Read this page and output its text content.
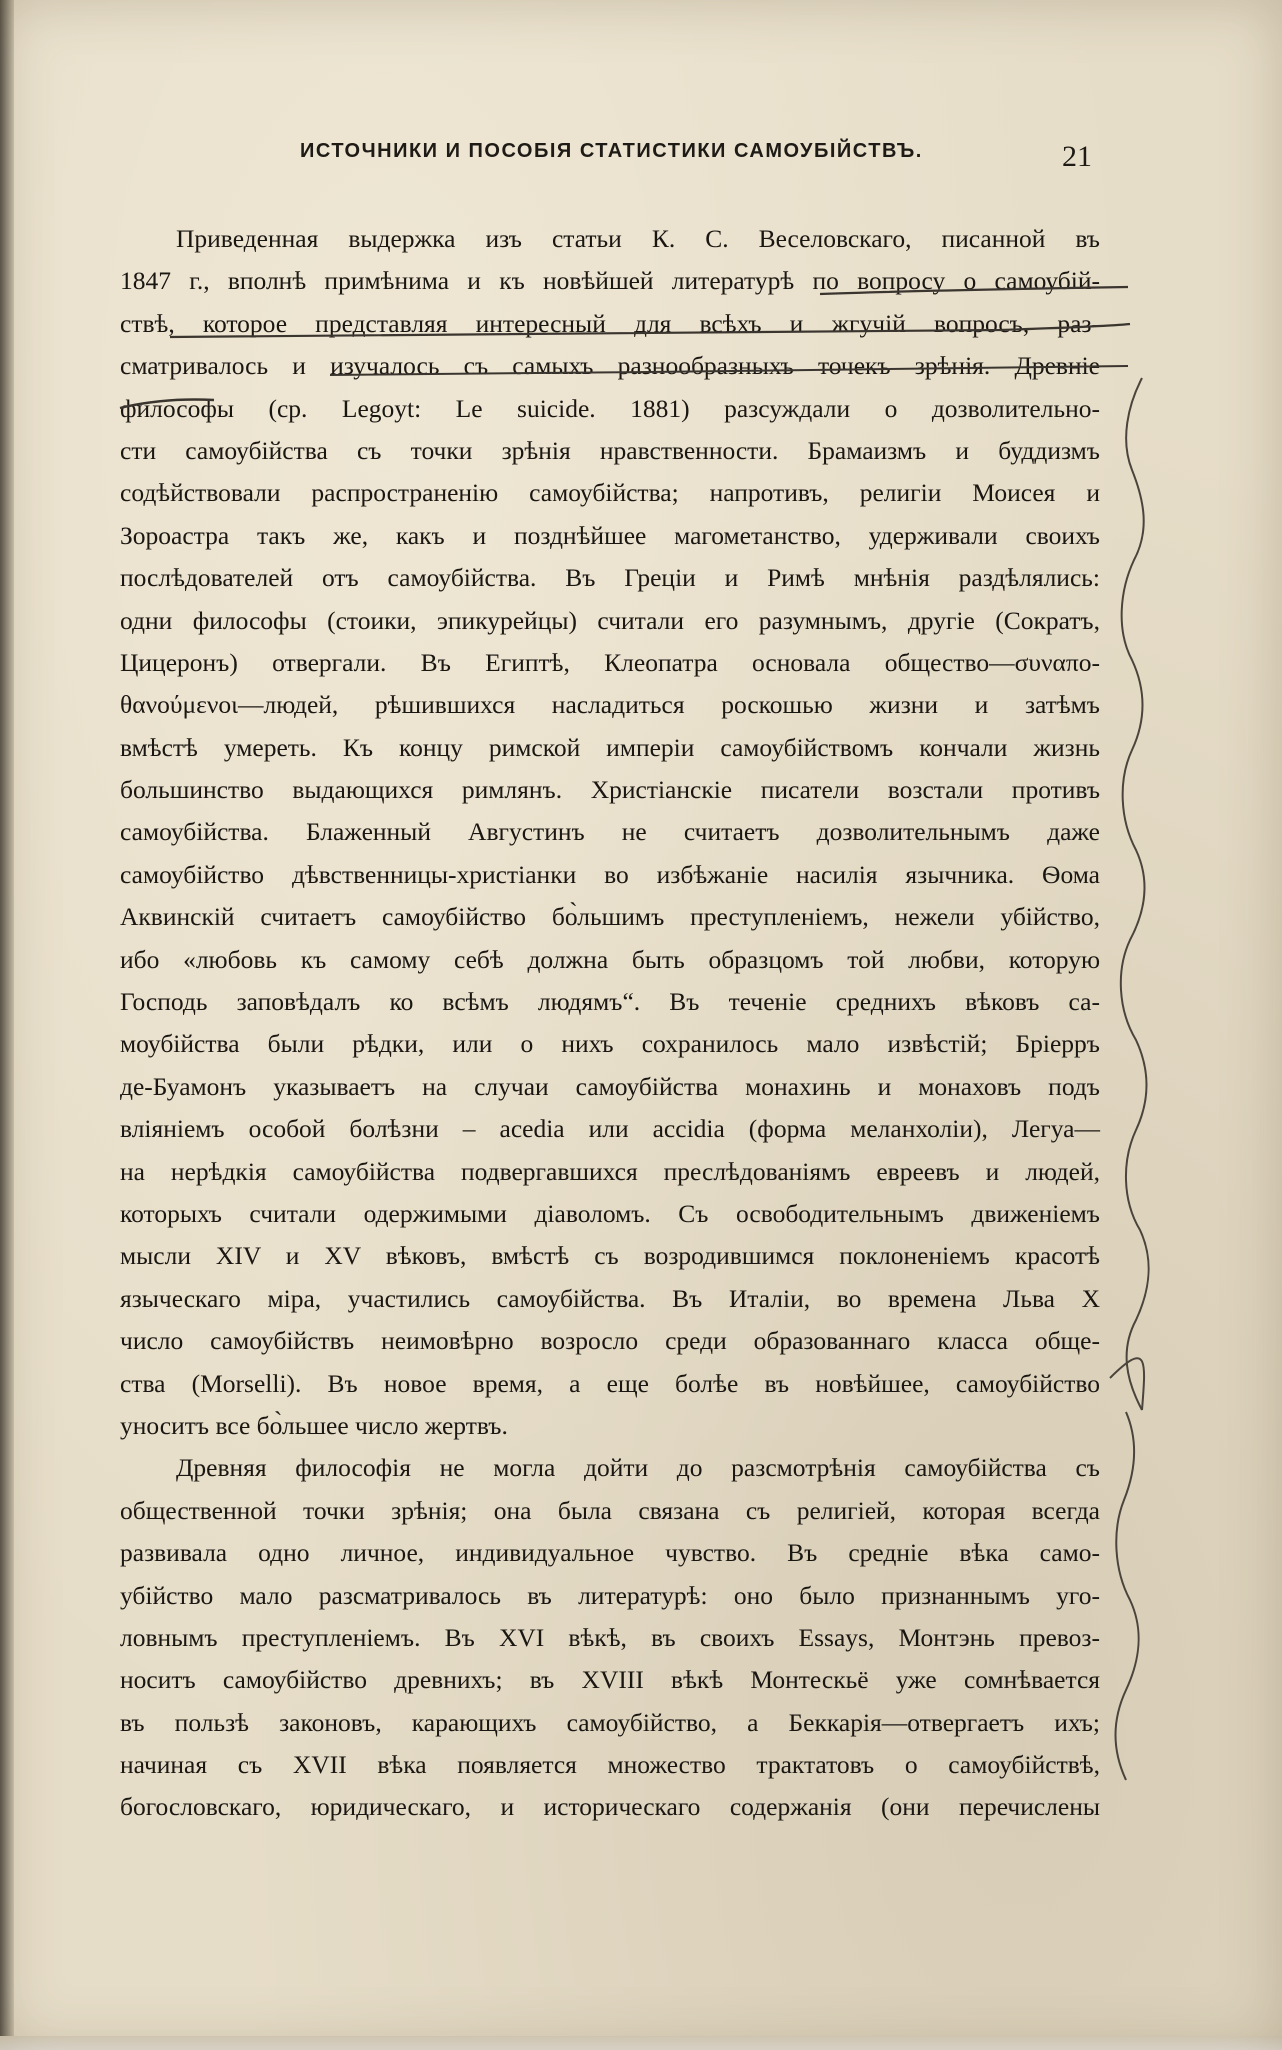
ИСТОЧНИКИ И ПОСОБІЯ СТАТИСТИКИ САМОУБІЙСТВЪ.	21
Приведенная выдержка изъ статьи К. С. Веселовскаго, писанной въ
1847 г., вполнѣ примѣнима и къ новѣйшей литературѣ по вопросу о самоубій-
ствѣ, которое представляя интересный для всѣхъ и жгучій вопросъ, раз-
сматривалось и изучалось съ самыхъ разнообразныхъ точекъ зрѣнія. Древніе
философы (ср. Legoyt: Le suicide. 1881) разсуждали о дозволительно-
сти самоубійства съ точки зрѣнія нравственности. Брамаизмъ и буддизмъ
содѣйствовали распространенію самоубійства; напротивъ, религіи Моисея и
Зороастра такъ же, какъ и позднѣйшее магометанство, удерживали своихъ
послѣдователей отъ самоубійства. Въ Греціи и Римѣ мнѣнія раздѣлялись:
одни философы (стоики, эпикурейцы) считали его разумнымъ, другіе (Сократъ,
Цицеронъ) отвергали. Въ Египтѣ, Клеопатра основала общество—συναπο-
θανούμενοι—людей, рѣшившихся насладиться роскошью жизни и затѣмъ
вмѣстѣ умереть. Къ концу римской имперіи самоубійствомъ кончали жизнь
большинство выдающихся римлянъ. Христіанскіе писатели возстали противъ
самоубійства. Блаженный Августинъ не считаетъ дозволительнымъ даже
самоубійство дѣвственницы-христіанки во избѣжаніе насилія язычника. Ѳома
Аквинскій считаетъ самоубійство бо̀льшимъ преступленіемъ, нежели убійство,
ибо «любовь къ самому себѣ должна быть образцомъ той любви, которую
Господь заповѣдалъ ко всѣмъ людямъ“. Въ теченіе среднихъ вѣковъ са-
моубійства были рѣдки, или о нихъ сохранилось мало извѣстій; Бріерръ
де-Буамонъ указываетъ на случаи самоубійства монахинь и монаховъ подъ
вліяніемъ особой болѣзни – acedia или accidia (форма меланхоліи), Легуа—
на нерѣдкія самоубійства подвергавшихся преслѣдованіямъ евреевъ и людей,
которыхъ считали одержимыми діаволомъ. Съ освободительнымъ движеніемъ
мысли XIV и XV вѣковъ, вмѣстѣ съ возродившимся поклоненіемъ красотѣ
языческаго міра, участились самоубійства. Въ Италіи, во времена Льва X
число самоубійствъ неимовѣрно возросло среди образованнаго класса обще-
ства (Morselli). Въ новое время, а еще болѣе въ новѣйшее, самоубійство
уноситъ все бо̀льшее число жертвъ.
Древняя философія не могла дойти до разсмотрѣнія самоубійства съ
общественной точки зрѣнія; она была связана съ религіей, которая всегда
развивала одно личное, индивидуальное чувство. Въ средніе вѣка само-
убійство мало разсматривалось въ литературѣ: оно было признаннымъ уго-
ловнымъ преступленіемъ. Въ XVI вѣкѣ, въ своихъ Essays, Монтэнь превоз-
ноcитъ самоубійство древнихъ; въ XVIII вѣкѣ Монтескьё уже сомнѣвается
въ пользѣ законовъ, карающихъ самоубійство, а Беккарія—отвергаетъ ихъ;
начиная съ XVII вѣка появляется множество трактатовъ о самоубійствѣ,
богословскаго, юридическаго, и историческаго содержанія (они перечислены
